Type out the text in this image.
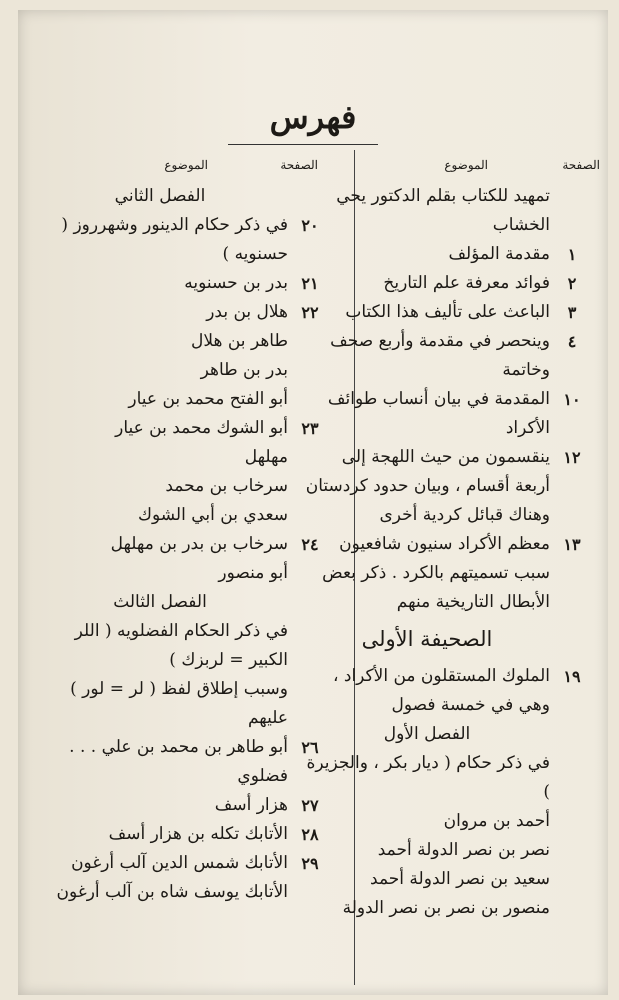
فهرس
الصفحة
الموضوع
الصفحة
الموضوع
تمهيد للكتاب بقلم الدكتور يحي الخشاب
١
مقدمة المؤلف
٢
فوائد معرفة علم التاريخ
٣
الباعث على تأليف هذا الكتاب
٤
وينحصر في مقدمة وأربع صحف وخاتمة
١٠
المقدمة في بيان أنساب طوائف الأكراد
١٢
ينقسمون من حيث اللهجة إلى أربعة أقسام ، وبيان حدود كردستان وهناك قبائل كردية أخرى
١٣
معظم الأكراد سنيون شافعيون سبب تسميتهم بالكرد . ذكر بعض الأبطال التاريخية منهم
الصحيفة الأولى
١٩
الملوك المستقلون من الأكراد ، وهي في خمسة فصول
الفصل الأول
في ذكر حكام ( ديار بكر ، والجزيرة )
أحمد بن مروان
نصر بن نصر الدولة أحمد
سعيد بن نصر الدولة أحمد
منصور بن نصر بن نصر الدولة
الفصل الثاني
٢٠
في ذكر حكام الدينور وشهرروز ( حسنويه )
٢١
بدر بن حسنويه
٢٢
هلال بن بدر
طاهر بن هلال
بدر بن طاهر
أبو الفتح محمد بن عيار
٢٣
أبو الشوك محمد بن عيار
مهلهل
سرخاب بن محمد
سعدي بن أبي الشوك
٢٤
سرخاب بن بدر بن مهلهل
أبو منصور
الفصل الثالث
في ذكر الحكام الفضلويه ( اللر الكبير = لربزك )
وسبب إطلاق لفظ ( لر = لور ) عليهم
٢٦
أبو طاهر بن محمد بن علي . . . فضلوي
٢٧
هزار أسف
٢٨
الأتابك تكله بن هزار أسف
٢٩
الأتابك شمس الدين آلب أرغون
الأتابك يوسف شاه بن آلب أرغون
